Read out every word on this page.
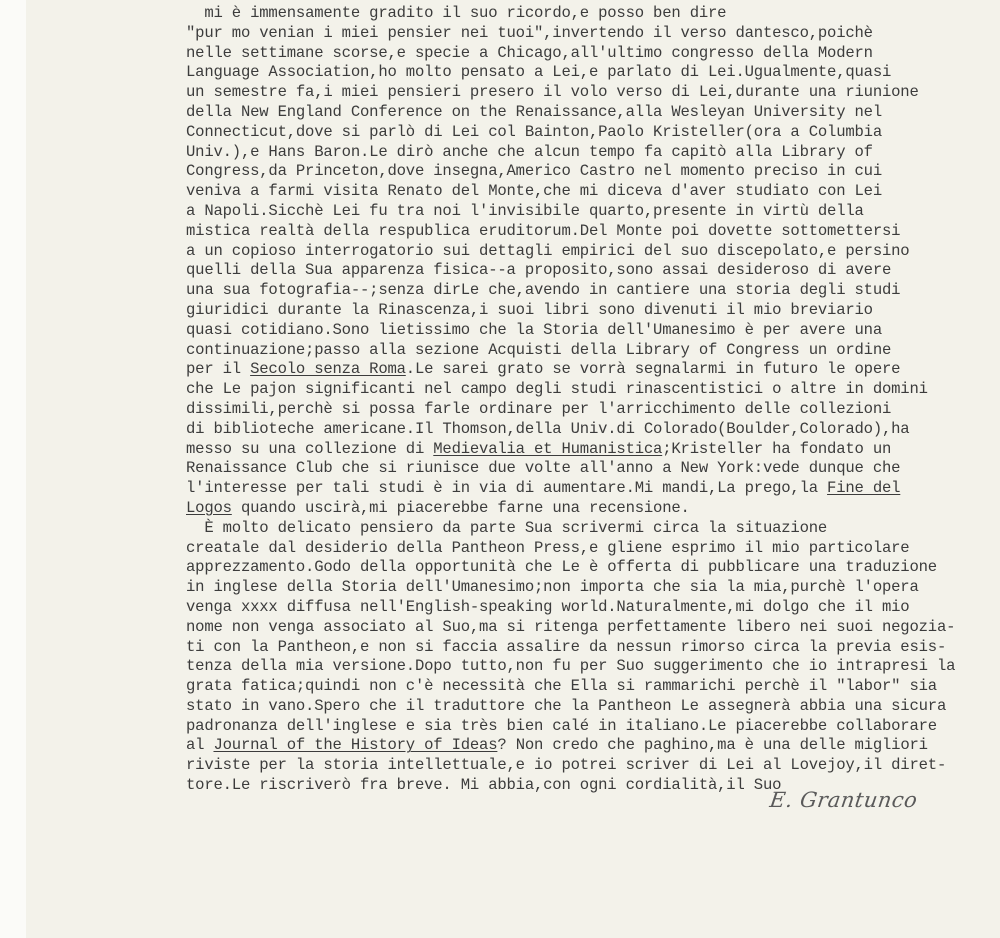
mi è immensamente gradito il suo ricordo,e posso ben dire
"pur mo venian i miei pensier nei tuoi",invertendo il verso dantesco,poichè
nelle settimane scorse,e specie a Chicago,all'ultimo congresso della Modern
Language Association,ho molto pensato a Lei,e parlato di Lei.Ugualmente,quasi
un semestre fa,i miei pensieri presero il volo verso di Lei,durante una riunione
della New England Conference on the Renaissance,alla Wesleyan University nel
Connecticut,dove si parlò di Lei col Bainton,Paolo Kristeller(ora a Columbia
Univ.),e Hans Baron.Le dirò anche che alcun tempo fa capitò alla Library of
Congress,da Princeton,dove insegna,Americo Castro nel momento preciso in cui
veniva a farmi visita Renato del Monte,che mi diceva d'aver studiato con Lei
a Napoli.Sicchè Lei fu tra noi l'invisibile quarto,presente in virtù della
mistica realtà della respublica eruditorum.Del Monte poi dovette sottomettersi
a un copioso interrogatorio sui dettagli empirici del suo discepolato,e persino
quelli della Sua apparenza fisica--a proposito,sono assai desideroso di avere
una sua fotografia--;senza dirLe che,avendo in cantiere una storia degli studi
giuridici durante la Rinascenza,i suoi libri sono divenuti il mio breviario
quasi cotidiano.Sono lietissimo che la Storia dell'Umanesimo è per avere una
continuazione;passo alla sezione Acquisti della Library of Congress un ordine
per il Secolo senza Roma.Le sarei grato se vorrà segnalarmi in futuro le opere
che Le pajon significanti nel campo degli studi rinascentistici o altre in domini
dissimili,perchè si possa farle ordinare per l'arricchimento delle collezioni
di biblioteche americane.Il Thomson,della Univ.di Colorado(Boulder,Colorado),ha
messo su una collezione di Medievalia et Humanistica;Kristeller ha fondato un
Renaissance Club che si riunisce due volte all'anno a New York:vede dunque che
l'interesse per tali studi è in via di aumentare.Mi mandi,La prego,la Fine del
Logos quando uscirà,mi piacerebbe farne una recensione.
È molto delicato pensiero da parte Sua scrivermi circa la situazione
creatale dal desiderio della Pantheon Press,e gliene esprimo il mio particolare
apprezzamento.Godo della opportunità che Le è offerta di pubblicare una traduzione
in inglese della Storia dell'Umanesimo;non importa che sia la mia,purchè l'opera
venga xxxx diffusa nell'English-speaking world.Naturalmente,mi dolgo che il mio
nome non venga associato al Suo,ma si ritenga perfettamente libero nei suoi negozia-
ti con la Pantheon,e non si faccia assalire da nessun rimorso circa la previa esis-
tenza della mia versione.Dopo tutto,non fu per Suo suggerimento che io intrapresi la
grata fatica;quindi non c'è necessità che Ella si rammarichi perchè il "labor" sia
stato in vano.Spero che il traduttore che la Pantheon Le assegnerà abbia una sicura
padronanza dell'inglese e sia très bien calé in italiano.Le piacerebbe collaborare
al Journal of the History of Ideas? Non credo che paghino,ma è una delle migliori
riviste per la storia intellettuale,e io potrei scriver di Lei al Lovejoy,il diret-
tore.Le riscriverò fra breve. Mi abbia,con ogni cordialità,il Suo
E. Grantunco
